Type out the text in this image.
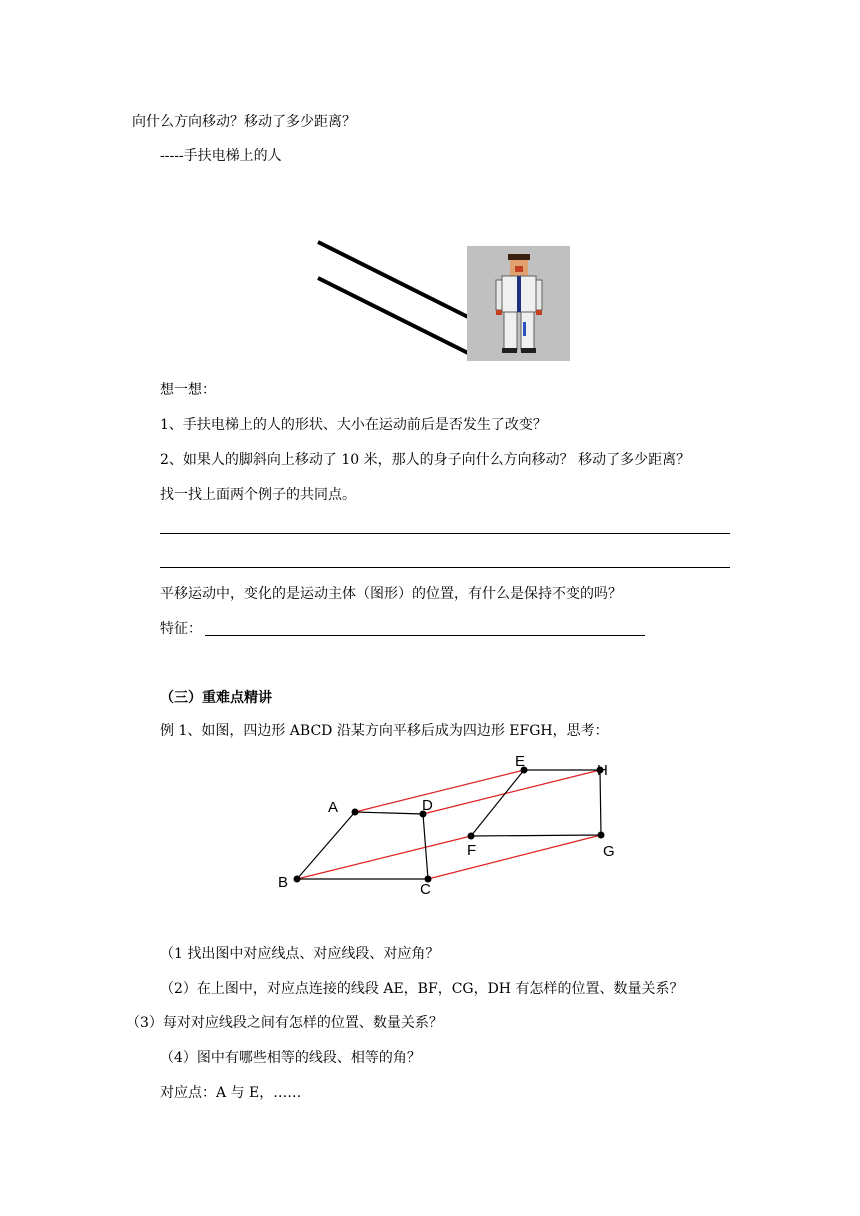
向什么方向移动？移动了多少距离？
-----手扶电梯上的人
想一想：
1、手扶电梯上的人的形状、大小在运动前后是否发生了改变？
2、如果人的脚斜向上移动了 10 米，那人的身子向什么方向移动？ 移动了多少距离？
找一找上面两个例子的共同点。
平移运动中，变化的是运动主体（图形）的位置，有什么是保持不变的吗？
特征：
（三）重难点精讲
例 1、如图，四边形 ABCD 沿某方向平移后成为四边形 EFGH，思考：
A	D
B	C
E
H
F	G
（1 找出图中对应线点、对应线段、对应角？
（2）在上图中，对应点连接的线段 AE，BF，CG，DH 有怎样的位置、数量关系？
（3）每对对应线段之间有怎样的位置、数量关系？
（4）图中有哪些相等的线段、相等的角？
对应点：A 与 E，……
